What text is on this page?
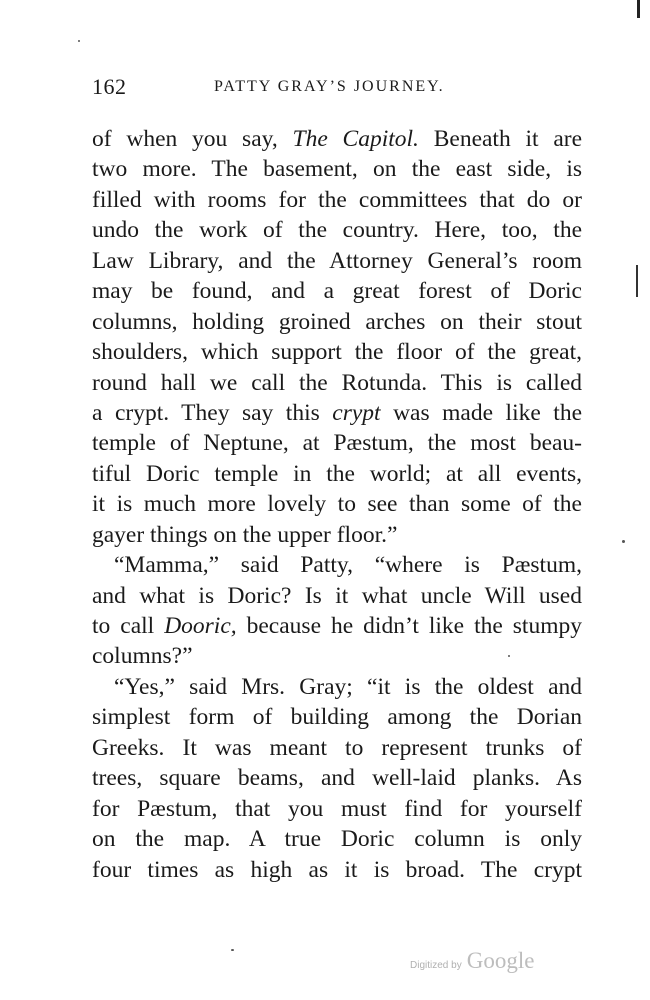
162	PATTY GRAY’S JOURNEY.
of when you say, The Capitol. Beneath it are
two more. The basement, on the east side, is
filled with rooms for the committees that do or
undo the work of the country. Here, too, the
Law Library, and the Attorney General’s room
may be found, and a great forest of Doric
columns, holding groined arches on their stout
shoulders, which support the floor of the great,
round hall we call the Rotunda. This is called
a crypt. They say this crypt was made like the
temple of Neptune, at Pæstum, the most beau-
tiful Doric temple in the world; at all events,
it is much more lovely to see than some of the
gayer things on the upper floor.”
“Mamma,” said Patty, “where is Pæstum,
and what is Doric? Is it what uncle Will used
to call Dooric, because he didn’t like the stumpy
columns?”
“Yes,” said Mrs. Gray; “it is the oldest and
simplest form of building among the Dorian
Greeks. It was meant to represent trunks of
trees, square beams, and well-laid planks. As
for Pæstum, that you must find for yourself
on the map. A true Doric column is only
four times as high as it is broad. The crypt
Digitized by Google
